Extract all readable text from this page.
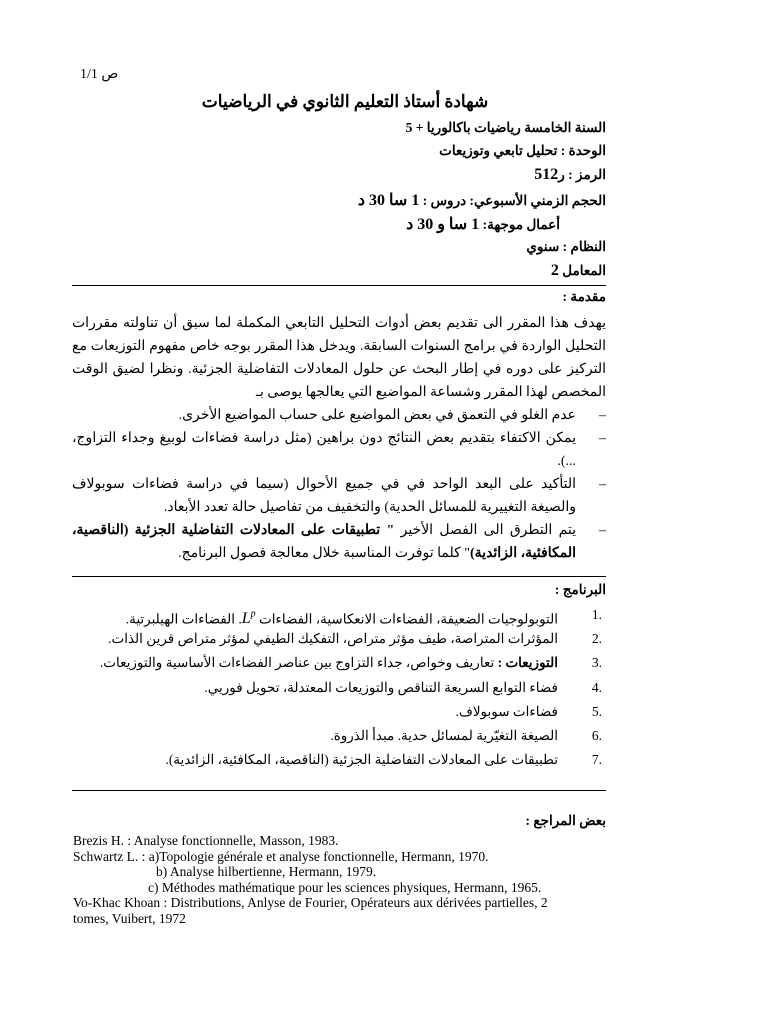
ص 1/1
شهادة أستاذ التعليم الثانوي في الرياضيات
السنة الخامسة رياضيات باكالوريا + 5
الوحدة : تحليل تابعي وتوزيعات
الرمز : ر512
الحجم الزمني الأسبوعي: دروس : 1 سا 30 د
أعمال موجهة: 1 سا و 30 د
النظام : سنوي
المعامل 2
مقدمة :

يهدف هذا المقرر الى تقديم بعض أدوات التحليل التابعي المكملة لما سبق أن تناولته مقررات التحليل الواردة في برامج السنوات السابقة. ويدخل هذا المقرر بوجه خاص مفهوم التوزيعات مع التركيز على دوره في إطار البحث عن حلول المعادلات التفاضلية الجزئية. ونظرا لضيق الوقت المخصص لهذا المقرر وشساعة المواضيع التي يعالجها يوصى بـ

–
عدم الغلو في التعمق في بعض المواضيع على حساب المواضيع الأخرى.
–
يمكن الاكتفاء بتقديم بعض النتائج دون براهين (مثل دراسة فضاءات لوبيغ وجداء التزاوج، ...).
–
التأكيد على البعد الواحد في في جميع الأحوال (سيما في دراسة فضاءات سوبولاف والصيغة التغييرية للمسائل الحدية) والتخفيف من تفاصيل حالة تعدد الأبعاد.
–
يتم التطرق الى الفصل الأخير " تطبيقات على المعادلات التفاضلية الجزئية (الناقصية، المكافئية، الزائدية)" كلما توفرت المناسبة خلال معالجة فصول البرنامج.
البرنامج :
.1
التوبولوجيات الضعيفة، الفضاءات الانعكاسية، الفضاءات $L^p$. الفضاءات الهيلبرتية.
.2
المؤثرات المتراصة، طيف مؤثر متراص، التفكيك الطيفي لمؤثر متراص قرين الذات.
.3
التوزيعات : تعاريف وخواص، جداء التزاوج بين عناصر الفضاءات الأساسية والتوزيعات.
.4
فضاء التوابع السريعة التناقص والتوزيعات المعتدلة، تحويل فوريي.
.5
فضاءات سوبولاف.
.6
الصيغة التغيّرية لمسائل حدية. مبدأ الذروة.
.7
تطبيقات على المعادلات التفاضلية الجزئية (الناقصية، المكافئية، الزائدية).
بعض المراجع :
Brezis H. : Analyse fonctionnelle, Masson, 1983.
Schwartz L. : a)Topologie générale et analyse fonctionnelle, Hermann, 1970.
b) Analyse hilbertienne, Hermann, 1979.
c) Méthodes mathématique pour les sciences physiques, Hermann, 1965.
Vo-Khac Khoan : Distributions, Anlyse de Fourier, Opérateurs aux dérivées partielles, 2
tomes, Vuibert, 1972
